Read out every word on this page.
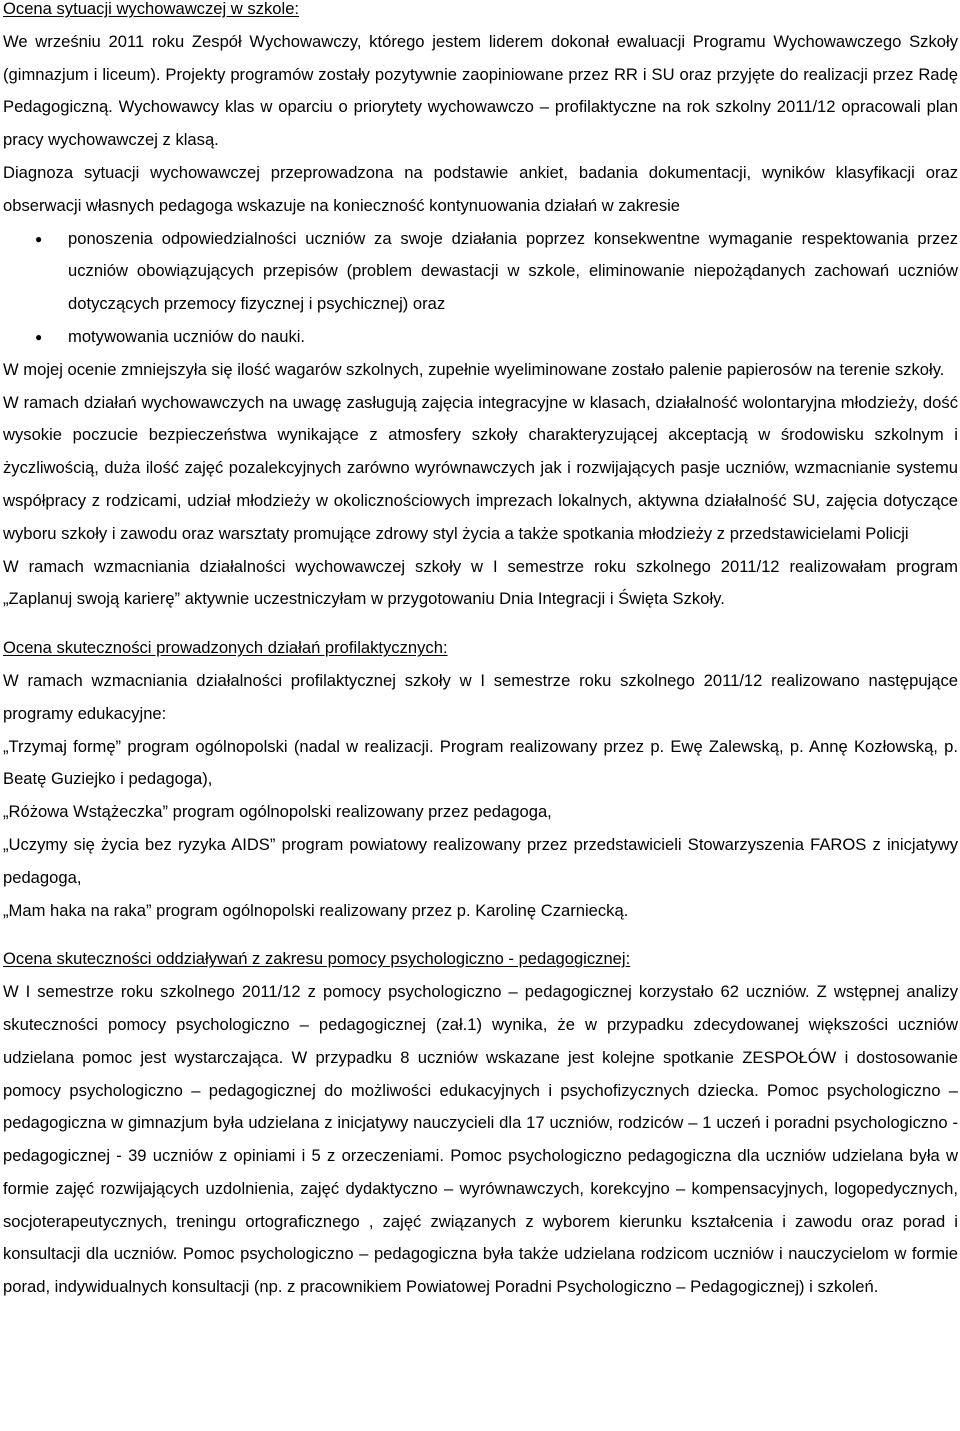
Ocena sytuacji wychowawczej w szkole:

We wrześniu 2011 roku Zespół Wychowawczy, którego jestem liderem dokonał ewaluacji Programu Wychowawczego Szkoły (gimnazjum i liceum). Projekty programów zostały pozytywnie zaopiniowane przez RR i SU oraz przyjęte do realizacji przez Radę Pedagogiczną. Wychowawcy klas w oparciu o priorytety wychowawczo – profilaktyczne na rok szkolny 2011/12 opracowali plan pracy wychowawczej z klasą.

Diagnoza sytuacji wychowawczej przeprowadzona na podstawie ankiet, badania dokumentacji, wyników klasyfikacji oraz obserwacji własnych pedagoga wskazuje na konieczność kontynuowania działań w zakresie

● ponoszenia odpowiedzialności uczniów za swoje działania poprzez konsekwentne wymaganie respektowania przez uczniów obowiązujących przepisów (problem dewastacji w szkole, eliminowanie niepożądanych zachowań uczniów dotyczących przemocy fizycznej i psychicznej) oraz
● motywowania uczniów do nauki.

W mojej ocenie zmniejszyła się ilość wagarów szkolnych, zupełnie wyeliminowane zostało palenie papierosów na terenie szkoły.

W ramach działań wychowawczych na uwagę zasługują zajęcia integracyjne w klasach, działalność wolontaryjna młodzieży, dość wysokie poczucie bezpieczeństwa wynikające z atmosfery szkoły charakteryzującej akceptacją w środowisku szkolnym i życzliwością, duża ilość zajęć pozalekcyjnych zarówno wyrównawczych jak i rozwijających pasje uczniów, wzmacnianie systemu współpracy z rodzicami, udział młodzieży w okolicznościowych imprezach lokalnych, aktywna działalność SU, zajęcia dotyczące wyboru szkoły i zawodu oraz warsztaty promujące zdrowy styl życia a także spotkania młodzieży z przedstawicielami Policji

W ramach wzmacniania działalności wychowawczej szkoły w I semestrze roku szkolnego 2011/12 realizowałam program „Zaplanuj swoją karierę” aktywnie uczestniczyłam w przygotowaniu Dnia Integracji i Święta Szkoły.

Ocena skuteczności prowadzonych działań profilaktycznych:

W ramach wzmacniania działalności profilaktycznej szkoły w I semestrze roku szkolnego 2011/12 realizowano następujące programy edukacyjne:

„Trzymaj formę” program ogólnopolski (nadal w realizacji. Program realizowany przez p. Ewę Zalewską, p. Annę Kozłowską, p. Beatę Guziejko i pedagoga),

„Różowa Wstążeczka” program ogólnopolski realizowany przez pedagoga,

„Uczymy się życia bez ryzyka AIDS” program powiatowy realizowany przez przedstawicieli Stowarzyszenia FAROS z inicjatywy pedagoga,

„Mam haka na raka” program ogólnopolski realizowany przez p. Karolinę Czarniecką.

Ocena skuteczności oddziaływań z zakresu pomocy psychologiczno - pedagogicznej:

W I semestrze roku szkolnego 2011/12 z pomocy psychologiczno – pedagogicznej korzystało 62 uczniów. Z wstępnej analizy skuteczności pomocy psychologiczno – pedagogicznej (zał.1) wynika, że w przypadku zdecydowanej większości uczniów udzielana pomoc jest wystarczająca. W przypadku 8 uczniów wskazane jest kolejne spotkanie ZESPOŁÓW i dostosowanie pomocy psychologiczno – pedagogicznej do możliwości edukacyjnych i psychofizycznych dziecka. Pomoc psychologiczno – pedagogiczna w gimnazjum była udzielana z inicjatywy nauczycieli dla 17 uczniów, rodziców – 1 uczeń i poradni psychologiczno - pedagogicznej - 39 uczniów z opiniami i 5 z orzeczeniami. Pomoc psychologiczno pedagogiczna dla uczniów udzielana była w formie zajęć rozwijających uzdolnienia, zajęć dydaktyczno – wyrównawczych, korekcyjno – kompensacyjnych, logopedycznych, socjoterapeutycznych, treningu ortograficznego , zajęć związanych z wyborem kierunku kształcenia i zawodu oraz porad i konsultacji dla uczniów. Pomoc psychologiczno – pedagogiczna była także udzielana rodzicom uczniów i nauczycielom w formie porad, indywidualnych konsultacji (np. z pracownikiem Powiatowej Poradni Psychologiczno – Pedagogicznej) i szkoleń.
